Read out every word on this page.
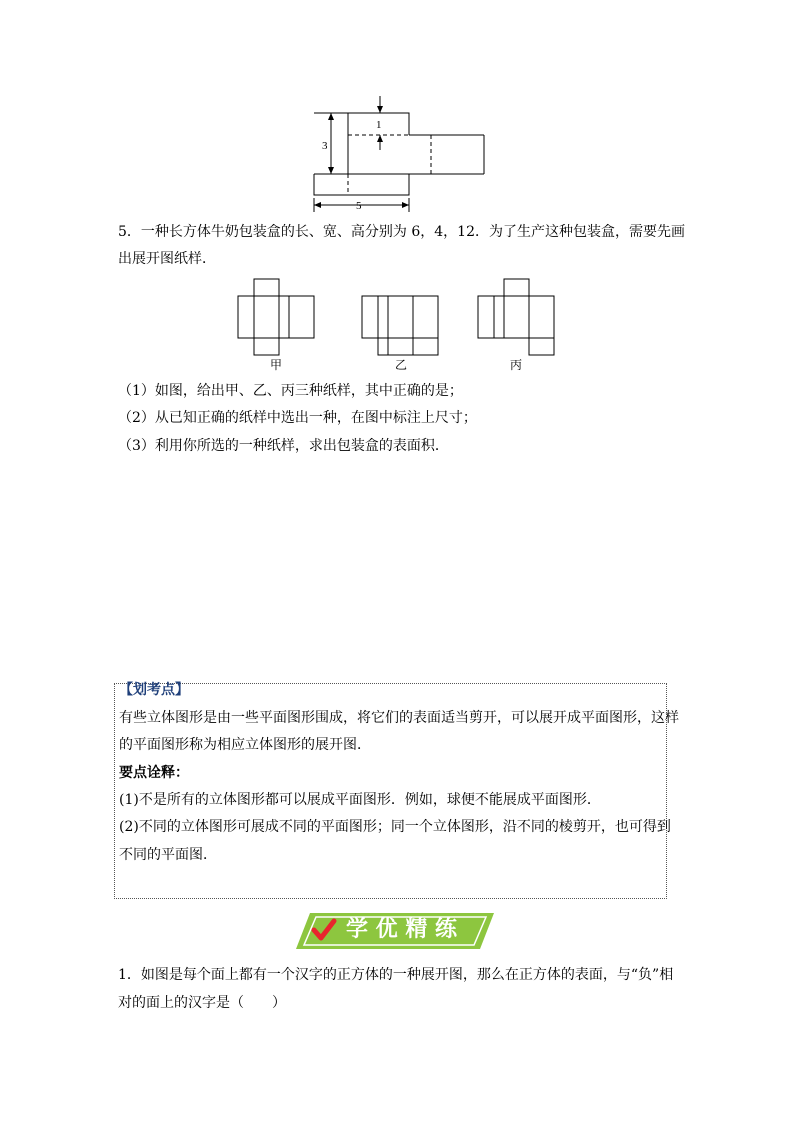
3
1
5
5．一种长方体牛奶包装盒的长、宽、高分别为 6，4，12．为了生产这种包装盒，需要先画
出展开图纸样．
甲	乙	丙
（1）如图，给出甲、乙、丙三种纸样，其中正确的是；
（2）从已知正确的纸样中选出一种，在图中标注上尺寸；
（3）利用你所选的一种纸样，求出包装盒的表面积．
【划考点】
有些立体图形是由一些平面图形围成，将它们的表面适当剪开，可以展开成平面图形，这样
的平面图形称为相应立体图形的展开图．
要点诠释：
(1)不是所有的立体图形都可以展成平面图形．例如，球便不能展成平面图形．
(2)不同的立体图形可展成不同的平面图形；同一个立体图形，沿不同的棱剪开，也可得到
不同的平面图．
学 优 精 练
1．如图是每个面上都有一个汉字的正方体的一种展开图，那么在正方体的表面，与“负”相
对的面上的汉字是（　　）
